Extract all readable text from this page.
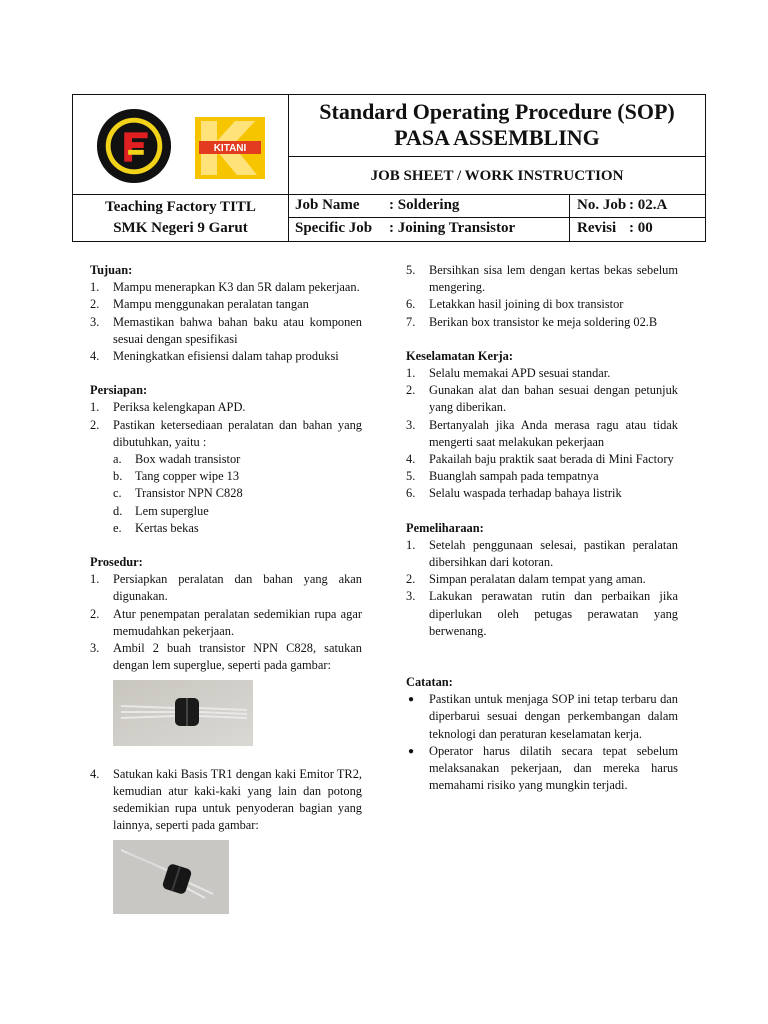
KITANI
Standard Operating Procedure (SOP)
PASA ASSEMBLING
JOB SHEET / WORK INSTRUCTION
Teaching Factory TITL
SMK Negeri 9 Garut
Job Name : Soldering	No. Job : 02.A
Specific Job : Joining Transistor	Revisi : 00
Tujuan:
1. Mampu menerapkan K3 dan 5R dalam pekerjaan.
2. Mampu menggunakan peralatan tangan
3. Memastikan bahwa bahan baku atau komponen sesuai dengan spesifikasi
4. Meningkatkan efisiensi dalam tahap produksi
Persiapan:
1. Periksa kelengkapan APD.
2. Pastikan ketersediaan peralatan dan bahan yang dibutuhkan, yaitu :
a. Box wadah transistor
b. Tang copper wipe 13
c. Transistor NPN C828
d. Lem superglue
e. Kertas bekas
Prosedur:
1. Persiapkan peralatan dan bahan yang akan digunakan.
2. Atur penempatan peralatan sedemikian rupa agar memudahkan pekerjaan.
3. Ambil 2 buah transistor NPN C828, satukan dengan lem superglue, seperti pada gambar:
4. Satukan kaki Basis TR1 dengan kaki Emitor TR2, kemudian atur kaki-kaki yang lain dan potong sedemikian rupa untuk penyoderan bagian yang lainnya, seperti pada gambar:
5. Bersihkan sisa lem dengan kertas bekas sebelum mengering.
6. Letakkan hasil joining di box transistor
7. Berikan box transistor ke meja soldering 02.B
Keselamatan Kerja:
1. Selalu memakai APD sesuai standar.
2. Gunakan alat dan bahan sesuai dengan petunjuk yang diberikan.
3. Bertanyalah jika Anda merasa ragu atau tidak mengerti saat melakukan pekerjaan
4. Pakailah baju praktik saat berada di Mini Factory
5. Buanglah sampah pada tempatnya
6. Selalu waspada terhadap bahaya listrik
Pemeliharaan:
1. Setelah penggunaan selesai, pastikan peralatan dibersihkan dari kotoran.
2. Simpan peralatan dalam tempat yang aman.
3. Lakukan perawatan rutin dan perbaikan jika diperlukan oleh petugas perawatan yang berwenang.
Catatan:
● Pastikan untuk menjaga SOP ini tetap terbaru dan diperbarui sesuai dengan perkembangan dalam teknologi dan peraturan keselamatan kerja.
● Operator harus dilatih secara tepat sebelum melaksanakan pekerjaan, dan mereka harus memahami risiko yang mungkin terjadi.
